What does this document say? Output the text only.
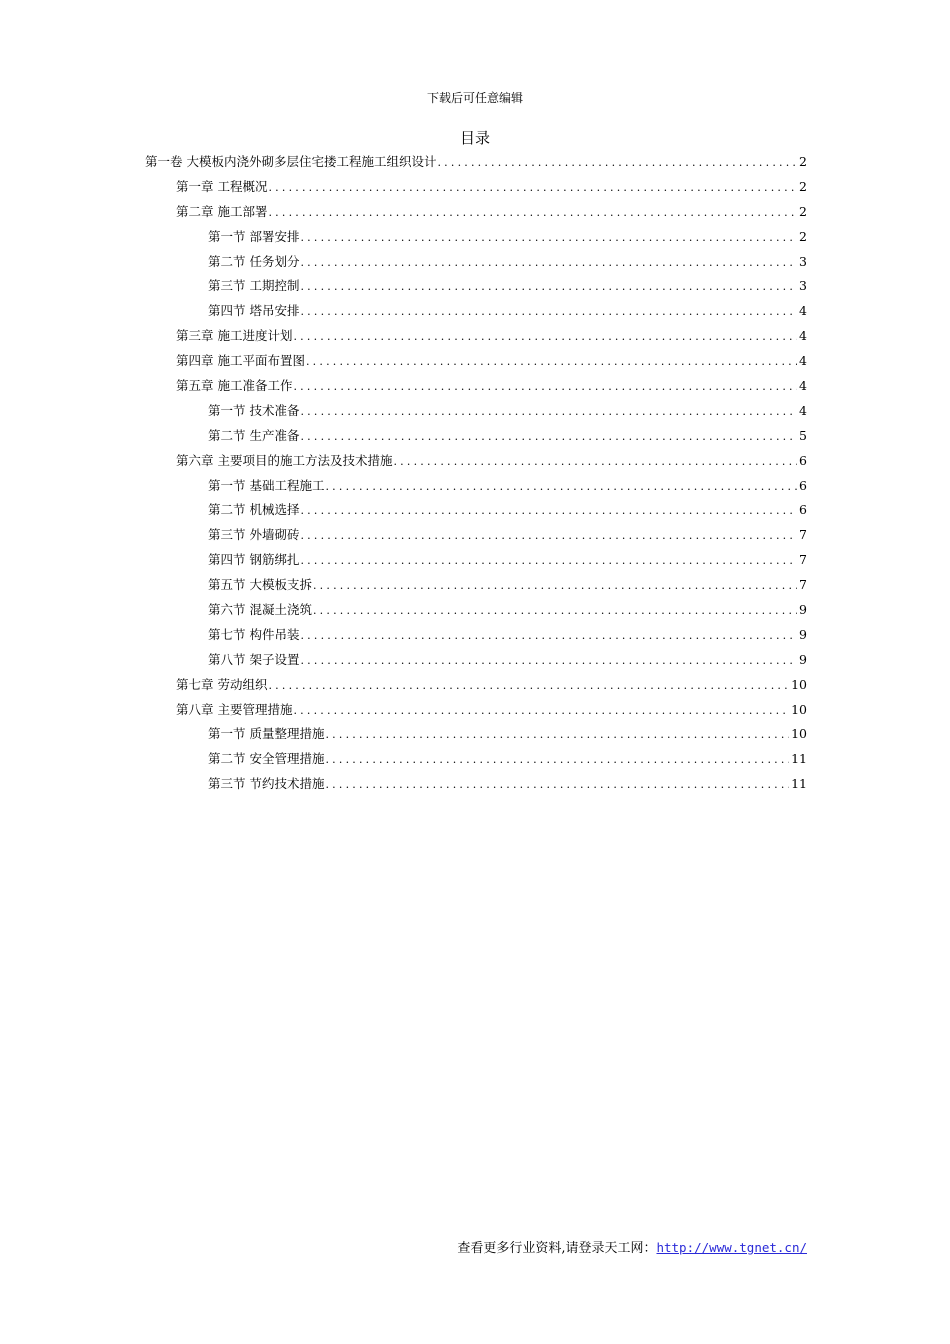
下载后可任意编辑
目录
第一卷 大模板内浇外砌多层住宅搂工程施工组织设计 .....	2
第一章 工程概况 .....	2
第二章 施工部署 .....	2
第一节 部署安排 .....	2
第二节 任务划分 .....	3
第三节 工期控制 .....	3
第四节 塔吊安排 .....	4
第三章 施工进度计划 .....	4
第四章 施工平面布置图 .....	4
第五章 施工准备工作 .....	4
第一节 技术准备 .....	4
第二节 生产准备 .....	5
第六章 主要项目的施工方法及技术措施 .....	6
第一节 基础工程施工 .....	6
第二节 机械选择 .....	6
第三节 外墙砌砖 .....	7
第四节 钢筋绑扎 .....	7
第五节 大模板支拆 .....	7
第六节 混凝土浇筑 .....	9
第七节 构件吊装 .....	9
第八节 架子设置 .....	9
第七章 劳动组织 .....	10
第八章 主要管理措施 .....	10
第一节 质量整理措施 .....	10
第二节 安全管理措施 .....	11
第三节 节约技术措施 .....	11
查看更多行业资料,请登录天工网：http://www.tgnet.cn/
